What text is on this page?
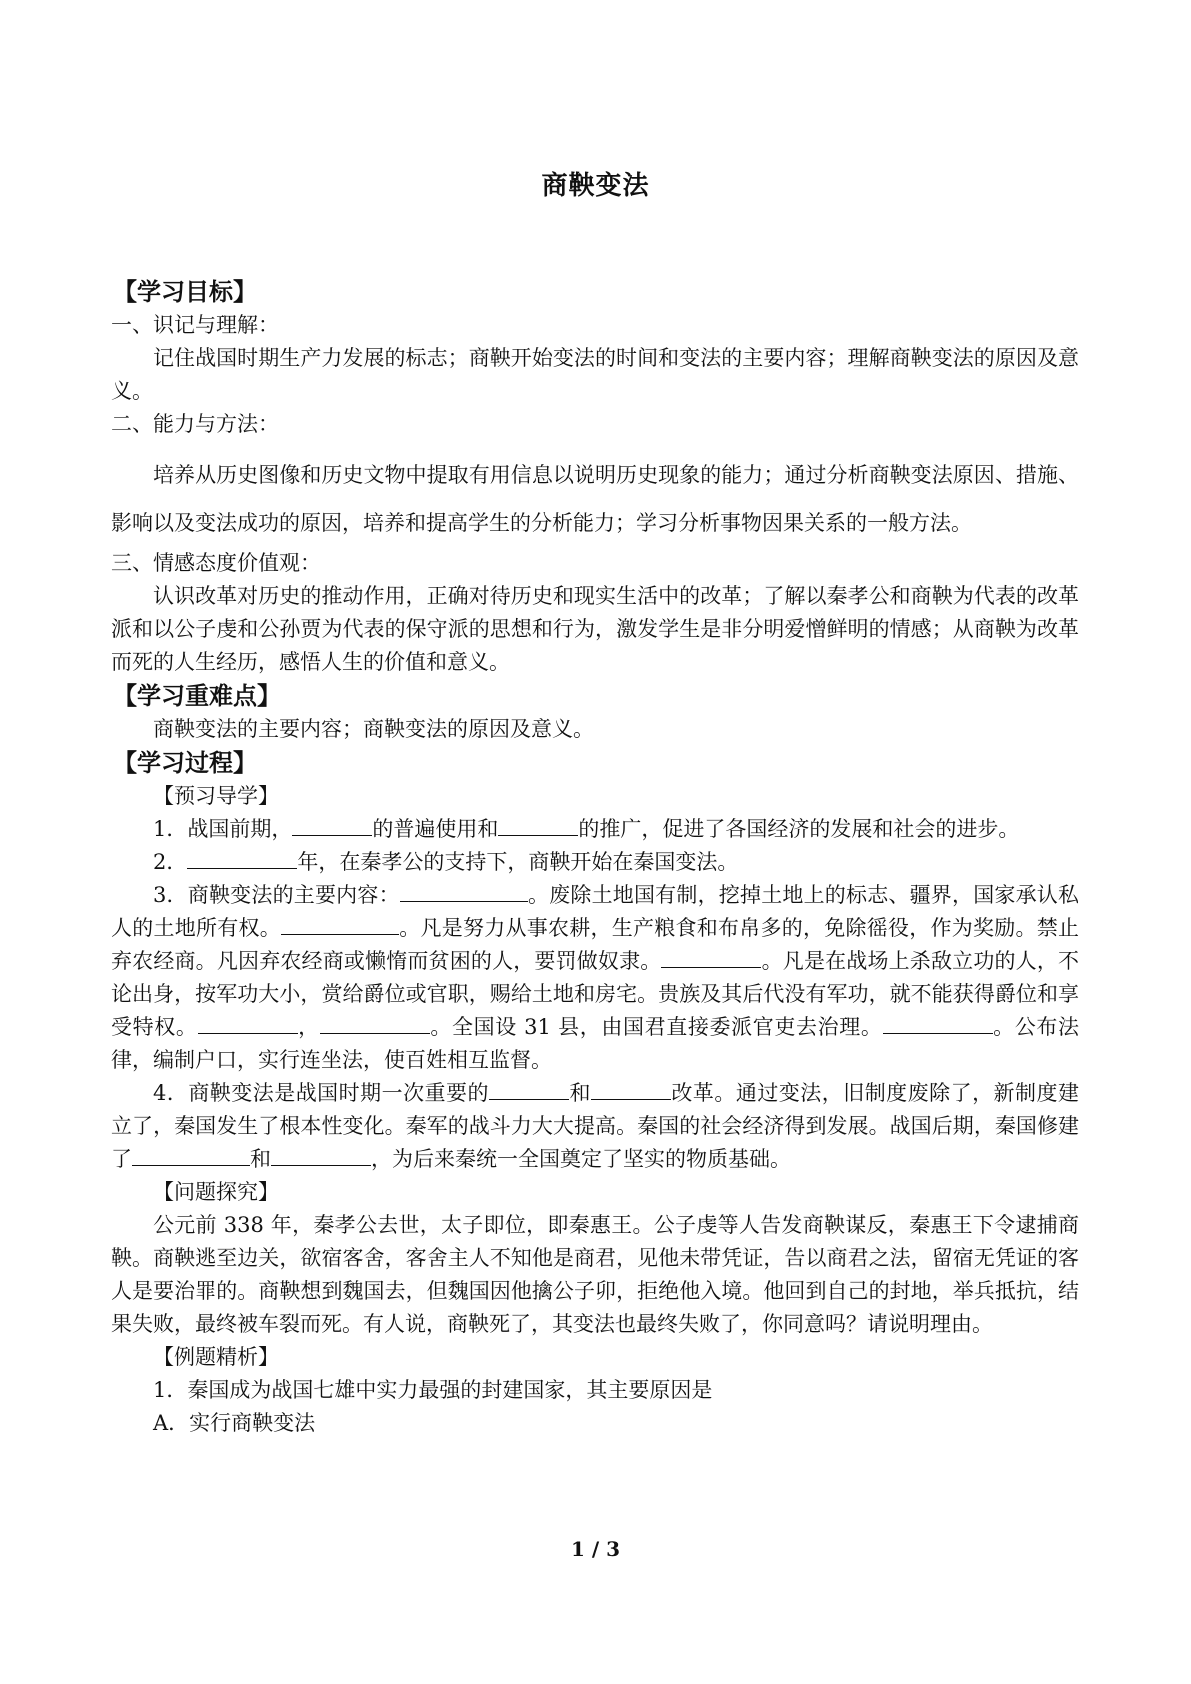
商鞅变法
【学习目标】
一、识记与理解：
记住战国时期生产力发展的标志；商鞅开始变法的时间和变法的主要内容；理解商鞅变法的原因及意义。
二、能力与方法：
培养从历史图像和历史文物中提取有用信息以说明历史现象的能力；通过分析商鞅变法原因、措施、影响以及变法成功的原因，培养和提高学生的分析能力；学习分析事物因果关系的一般方法。
三、情感态度价值观：
认识改革对历史的推动作用，正确对待历史和现实生活中的改革；了解以秦孝公和商鞅为代表的改革派和以公子虔和公孙贾为代表的保守派的思想和行为，激发学生是非分明爱憎鲜明的情感；从商鞅为改革而死的人生经历，感悟人生的价值和意义。
【学习重难点】
商鞅变法的主要内容；商鞅变法的原因及意义。
【学习过程】
【预习导学】
1．战国前期，	的普遍使用和	的推广，促进了各国经济的发展和社会的进步。
2．	年，在秦孝公的支持下，商鞅开始在秦国变法。
3．商鞅变法的主要内容：	。废除土地国有制，挖掉土地上的标志、疆界，国家承认私人的土地所有权。	。凡是努力从事农耕，生产粮食和布帛多的，免除徭役，作为奖励。禁止弃农经商。凡因弃农经商或懒惰而贫困的人，要罚做奴隶。	。凡是在战场上杀敌立功的人，不论出身，按军功大小，赏给爵位或官职，赐给土地和房宅。贵族及其后代没有军功，就不能获得爵位和享受特权。	，	。全国设 31 县，由国君直接委派官吏去治理。	。公布法律，编制户口，实行连坐法，使百姓相互监督。
4．商鞅变法是战国时期一次重要的	和	改革。通过变法，旧制度废除了，新制度建立了，秦国发生了根本性变化。秦军的战斗力大大提高。秦国的社会经济得到发展。战国后期，秦国修建了	和	，为后来秦统一全国奠定了坚实的物质基础。
【问题探究】
公元前 338 年，秦孝公去世，太子即位，即秦惠王。公子虔等人告发商鞅谋反，秦惠王下令逮捕商鞅。商鞅逃至边关，欲宿客舍，客舍主人不知他是商君，见他未带凭证，告以商君之法，留宿无凭证的客人是要治罪的。商鞅想到魏国去，但魏国因他擒公子卯，拒绝他入境。他回到自己的封地，举兵抵抗，结果失败，最终被车裂而死。有人说，商鞅死了，其变法也最终失败了，你同意吗？请说明理由。
【例题精析】
1．秦国成为战国七雄中实力最强的封建国家，其主要原因是
A．实行商鞅变法
1 / 3
